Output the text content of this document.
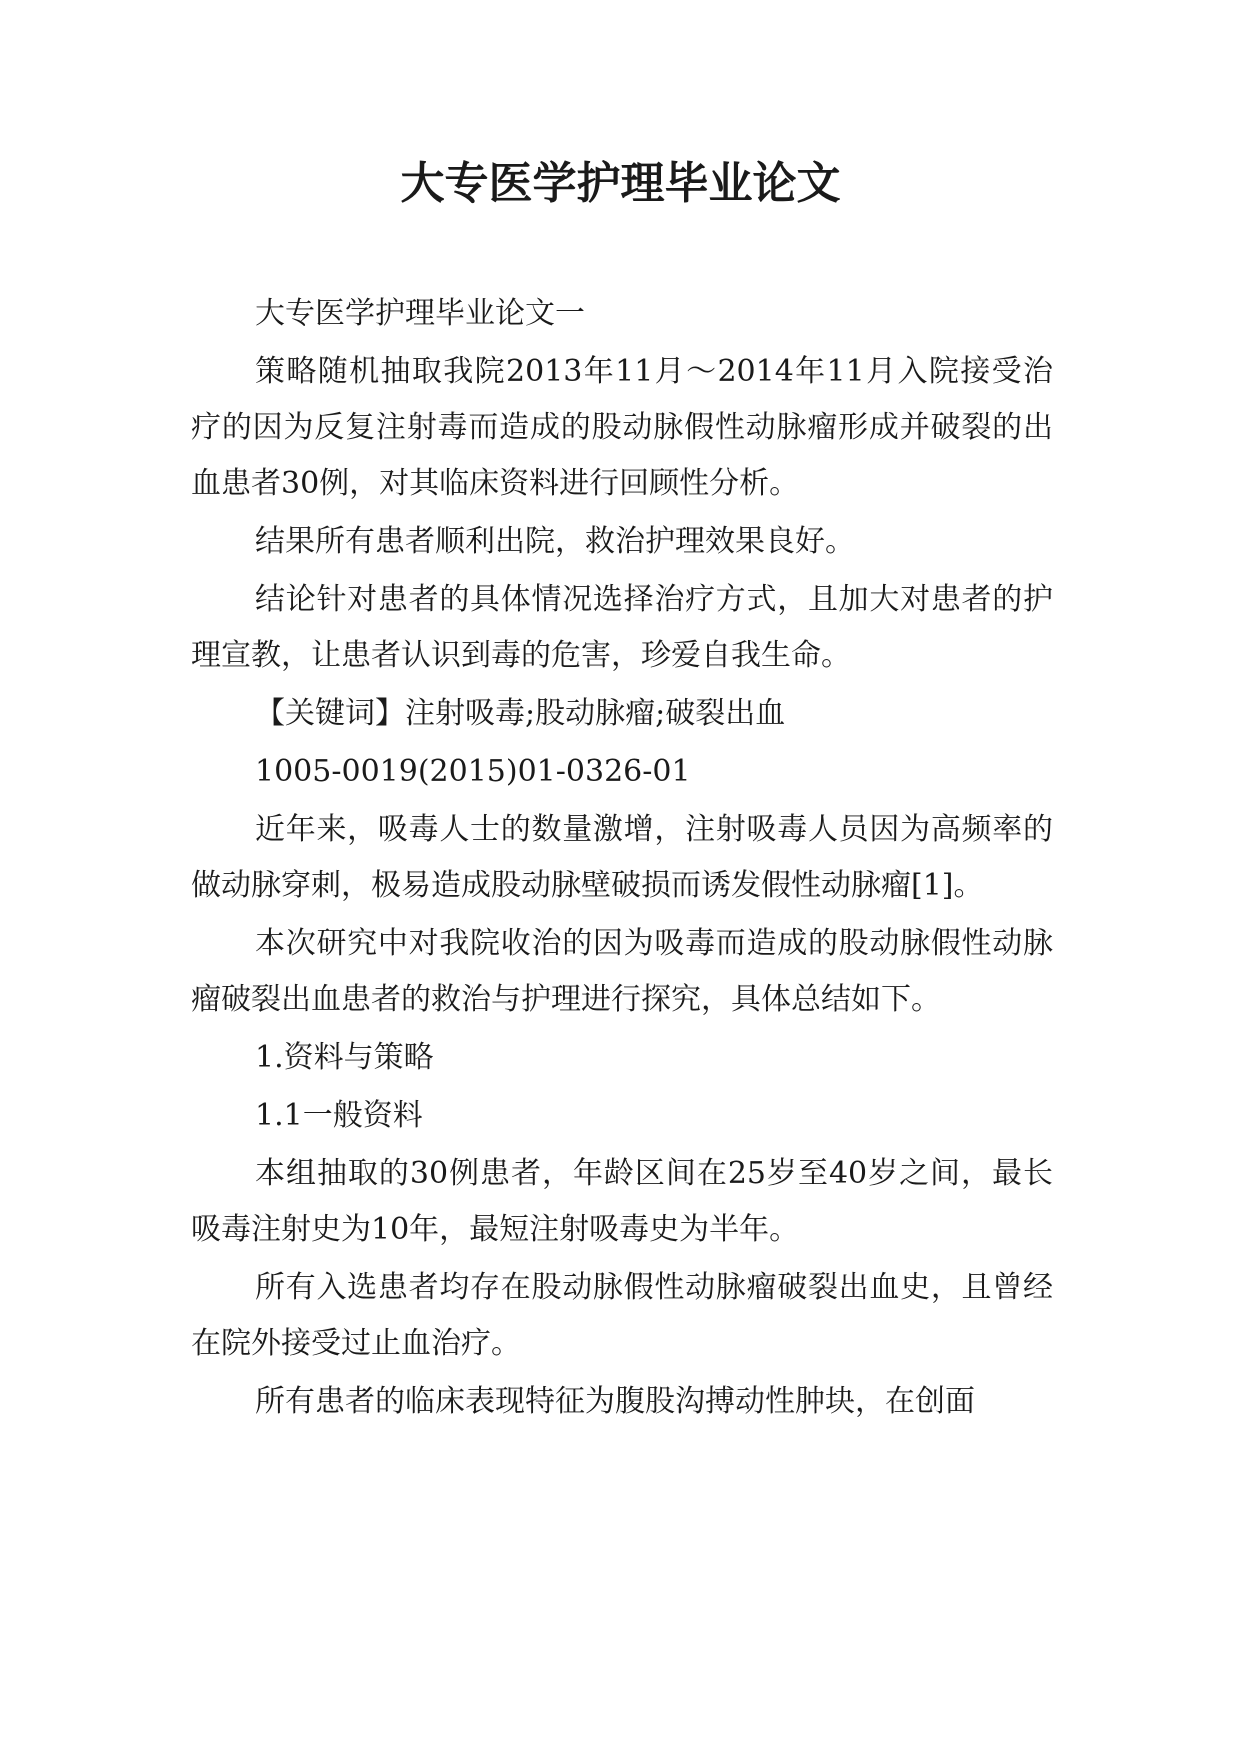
大专医学护理毕业论文

大专医学护理毕业论文一

策略随机抽取我院2013年11月～2014年11月入院接受治疗的因为反复注射毒而造成的股动脉假性动脉瘤形成并破裂的出血患者30例，对其临床资料进行回顾性分析。

结果所有患者顺利出院，救治护理效果良好。

结论针对患者的具体情况选择治疗方式，且加大对患者的护理宣教，让患者认识到毒的危害，珍爱自我生命。

【关键词】注射吸毒;股动脉瘤;破裂出血

1005-0019(2015)01-0326-01

近年来，吸毒人士的数量激增，注射吸毒人员因为高频率的做动脉穿刺，极易造成股动脉壁破损而诱发假性动脉瘤[1]。

本次研究中对我院收治的因为吸毒而造成的股动脉假性动脉瘤破裂出血患者的救治与护理进行探究，具体总结如下。

1.资料与策略

1.1一般资料

本组抽取的30例患者，年龄区间在25岁至40岁之间，最长吸毒注射史为10年，最短注射吸毒史为半年。

所有入选患者均存在股动脉假性动脉瘤破裂出血史，且曾经在院外接受过止血治疗。

所有患者的临床表现特征为腹股沟搏动性肿块，在创面
